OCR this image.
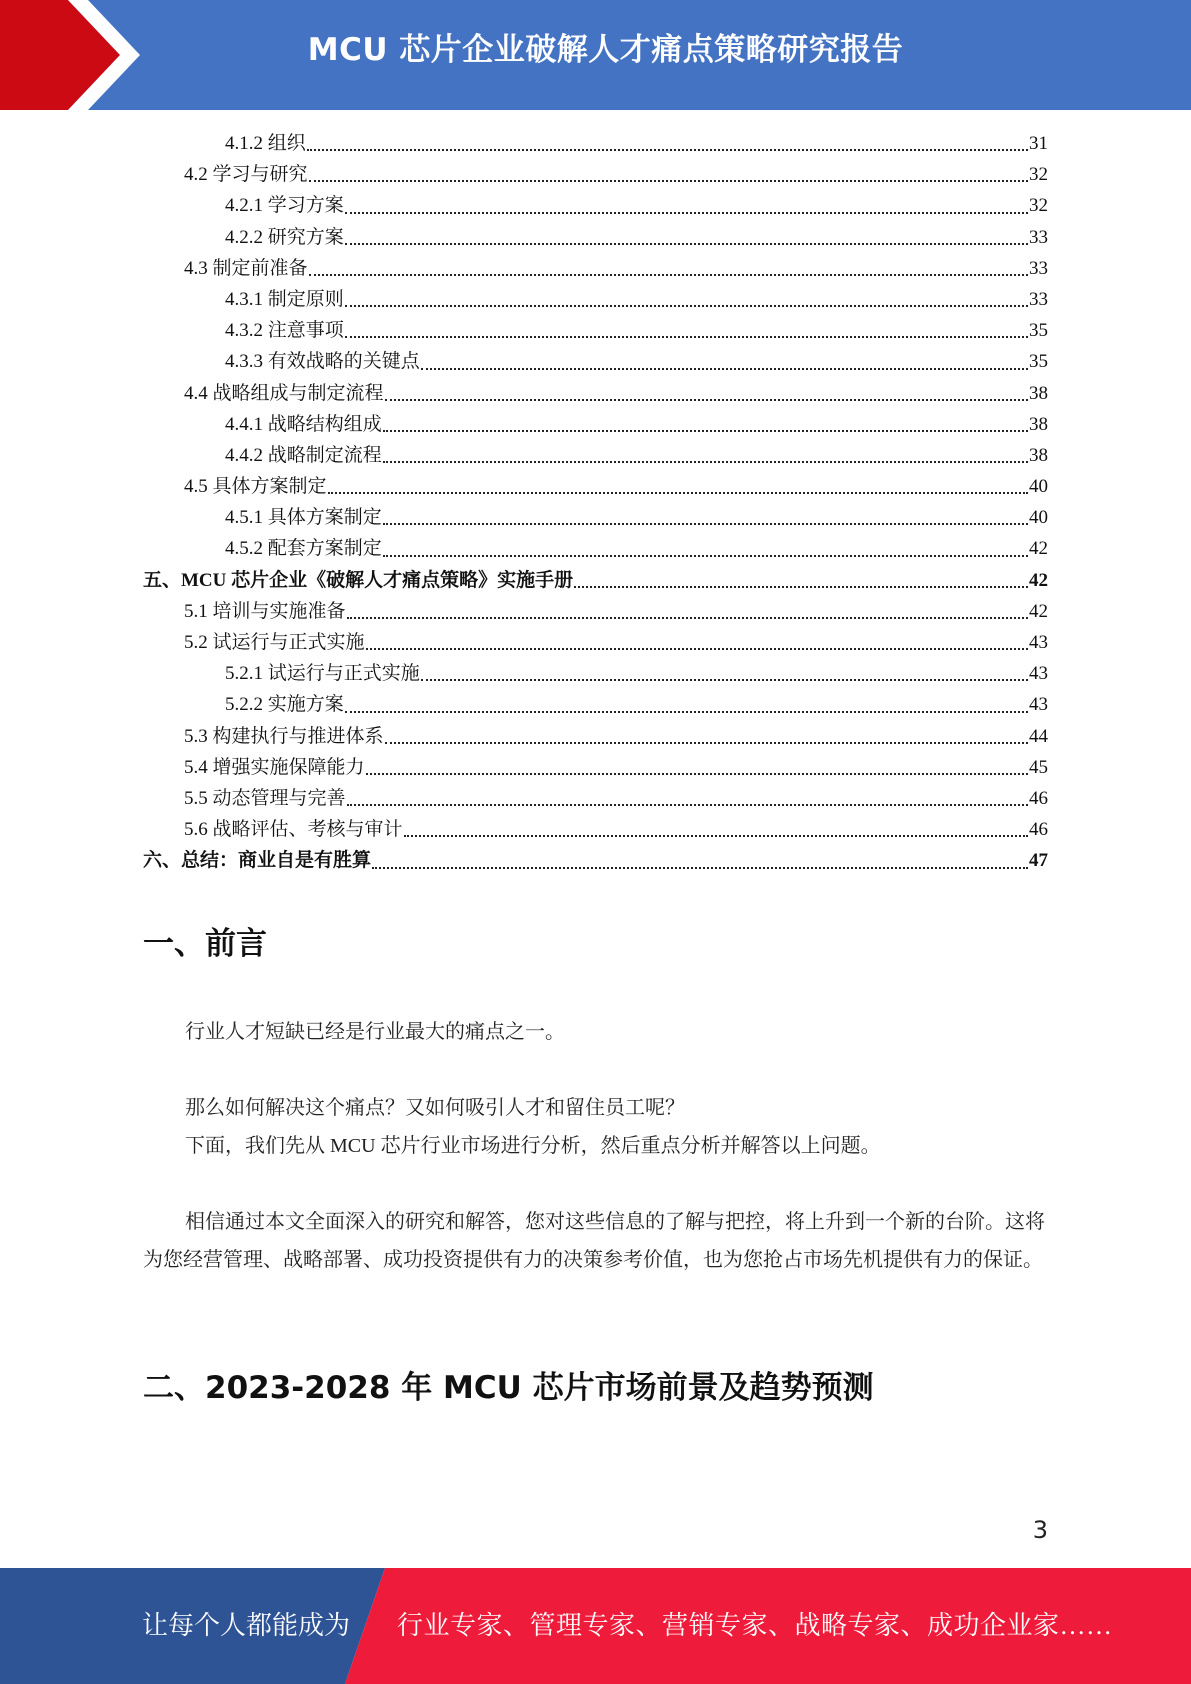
MCU 芯片企业破解人才痛点策略研究报告
4.1.2 组织	31
4.2 学习与研究	32
4.2.1 学习方案	32
4.2.2 研究方案	33
4.3 制定前准备	33
4.3.1 制定原则	33
4.3.2 注意事项	35
4.3.3 有效战略的关键点	35
4.4 战略组成与制定流程	38
4.4.1 战略结构组成	38
4.4.2 战略制定流程	38
4.5 具体方案制定	40
4.5.1 具体方案制定	40
4.5.2 配套方案制定	42
五、MCU 芯片企业《破解人才痛点策略》实施手册	42
5.1 培训与实施准备	42
5.2 试运行与正式实施	43
5.2.1 试运行与正式实施	43
5.2.2 实施方案	43
5.3 构建执行与推进体系	44
5.4 增强实施保障能力	45
5.5 动态管理与完善	46
5.6 战略评估、考核与审计	46
六、总结：商业自是有胜算	47
一、前言

行业人才短缺已经是行业最大的痛点之一。

那么如何解决这个痛点？又如何吸引人才和留住员工呢？

下面，我们先从 MCU 芯片行业市场进行分析，然后重点分析并解答以上问题。

相信通过本文全面深入的研究和解答，您对这些信息的了解与把控，将上升到一个新的台阶。这将为您经营管理、战略部署、成功投资提供有力的决策参考价值，也为您抢占市场先机提供有力的保证。

二、2023-2028 年 MCU 芯片市场前景及趋势预测
3
让每个人都能成为 行业专家、管理专家、营销专家、战略专家、成功企业家……
